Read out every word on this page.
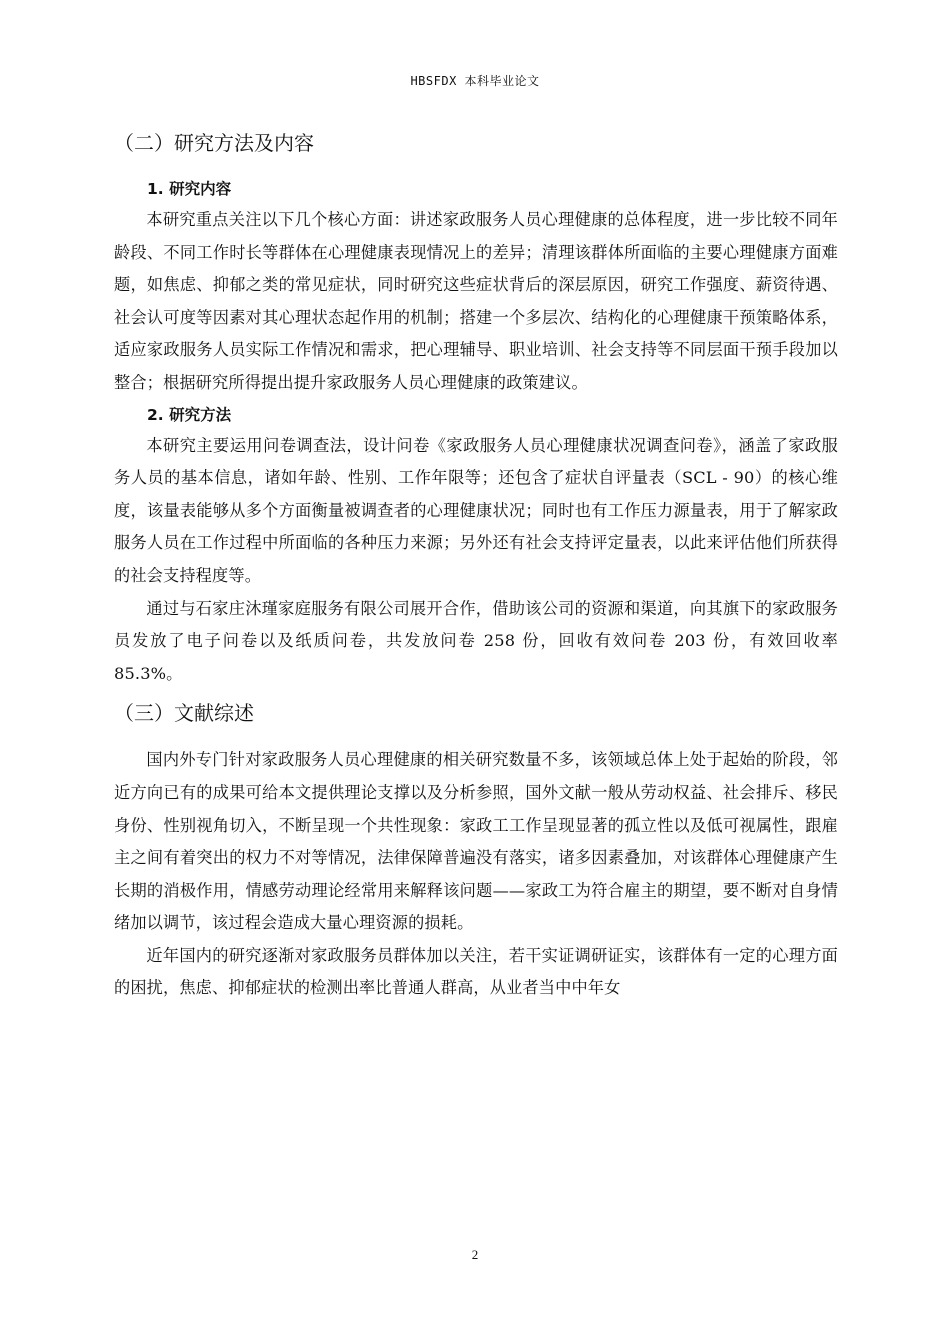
HBSFDX 本科毕业论文
（二）研究方法及内容
1. 研究内容

本研究重点关注以下几个核心方面：讲述家政服务人员心理健康的总体程度，进一步比较不同年龄段、不同工作时长等群体在心理健康表现情况上的差异；清理该群体所面临的主要心理健康方面难题，如焦虑、抑郁之类的常见症状，同时研究这些症状背后的深层原因，研究工作强度、薪资待遇、社会认可度等因素对其心理状态起作用的机制；搭建一个多层次、结构化的心理健康干预策略体系，适应家政服务人员实际工作情况和需求，把心理辅导、职业培训、社会支持等不同层面干预手段加以整合；根据研究所得提出提升家政服务人员心理健康的政策建议。

2. 研究方法

本研究主要运用问卷调查法，设计问卷《家政服务人员心理健康状况调查问卷》，涵盖了家政服务人员的基本信息，诸如年龄、性别、工作年限等；还包含了症状自评量表（SCL - 90）的核心维度，该量表能够从多个方面衡量被调查者的心理健康状况；同时也有工作压力源量表，用于了解家政服务人员在工作过程中所面临的各种压力来源；另外还有社会支持评定量表，以此来评估他们所获得的社会支持程度等。

通过与石家庄沐瑾家庭服务有限公司展开合作，借助该公司的资源和渠道，向其旗下的家政服务员发放了电子问卷以及纸质问卷，共发放问卷 258 份，回收有效问卷 203 份，有效回收率 85.3%。

（三）文献综述

国内外专门针对家政服务人员心理健康的相关研究数量不多，该领域总体上处于起始的阶段，邻近方向已有的成果可给本文提供理论支撑以及分析参照，国外文献一般从劳动权益、社会排斥、移民身份、性别视角切入，不断呈现一个共性现象：家政工工作呈现显著的孤立性以及低可视属性，跟雇主之间有着突出的权力不对等情况，法律保障普遍没有落实，诸多因素叠加，对该群体心理健康产生长期的消极作用，情感劳动理论经常用来解释该问题——家政工为符合雇主的期望，要不断对自身情绪加以调节，该过程会造成大量心理资源的损耗。

近年国内的研究逐渐对家政服务员群体加以关注，若干实证调研证实，该群体有一定的心理方面的困扰，焦虑、抑郁症状的检测出率比普通人群高，从业者当中中年女

2
